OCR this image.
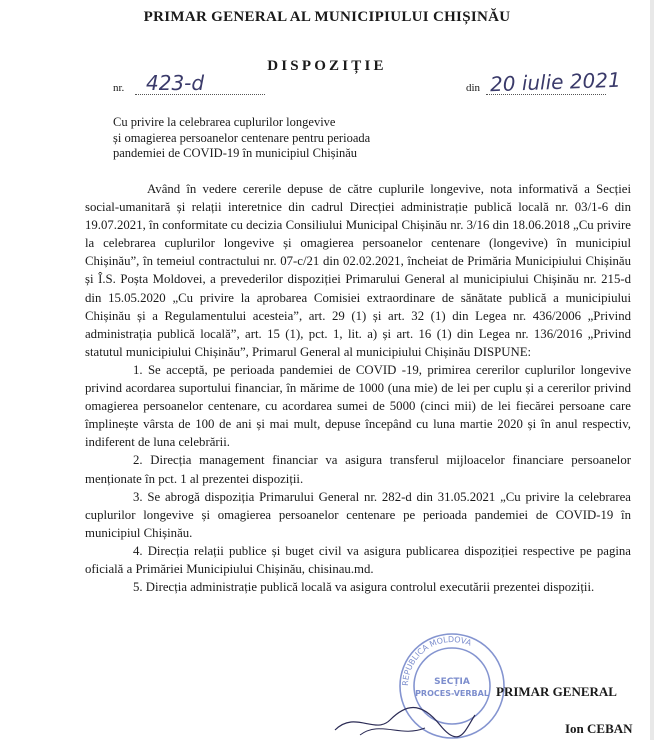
PRIMAR GENERAL AL MUNICIPIULUI CHIȘINĂU
DISPOZIȚIE
nr. 423-d	din 20 iulie 2021
Cu privire la celebrarea cuplurilor longevive
și omagierea persoanelor centenare pentru perioada
pandemiei de COVID-19 în municipiul Chișinău

Având în vedere cererile depuse de către cuplurile longevive, nota informativă a Secției social-umanitară și relații interetnice din cadrul Direcției administrație publică locală nr. 03/1-6 din 19.07.2021, în conformitate cu decizia Consiliului Municipal Chișinău nr. 3/16 din 18.06.2018 „Cu privire la celebrarea cuplurilor longevive și omagierea persoanelor centenare (longevive) în municipiul Chișinău”, în temeiul contractului nr. 07-c/21 din 02.02.2021, încheiat de Primăria Municipiului Chișinău și Î.S. Poșta Moldovei, a prevederilor dispoziției Primarului General al municipiului Chișinău nr. 215-d din 15.05.2020 „Cu privire la aprobarea Comisiei extraordinare de sănătate publică a municipiului Chișinău și a Regulamentului acesteia”, art. 29 (1) și art. 32 (1) din Legea nr. 436/2006 „Privind administrația publică locală”, art. 15 (1), pct. 1, lit. a) și art. 16 (1) din Legea nr. 136/2016 „Privind statutul municipiului Chișinău”, Primarul General al municipiului Chișinău DISPUNE:

1. Se acceptă, pe perioada pandemiei de COVID -19, primirea cererilor cuplurilor longevive privind acordarea suportului financiar, în mărime de 1000 (una mie) de lei per cuplu și a cererilor privind omagierea persoanelor centenare, cu acordarea sumei de 5000 (cinci mii) de lei fiecărei persoane care împlinește vârsta de 100 de ani și mai mult, depuse începând cu luna martie 2020 și în anul respectiv, indiferent de luna celebrării.

2. Direcția management financiar va asigura transferul mijloacelor financiare persoanelor menționate în pct. 1 al prezentei dispoziții.

3. Se abrogă dispoziția Primarului General nr. 282-d din 31.05.2021 „Cu privire la celebrarea cuplurilor longevive și omagierea persoanelor centenare pe perioada pandemiei de COVID-19 în municipiul Chișinău.

4. Direcția relații publice și buget civil va asigura publicarea dispoziției respective pe pagina oficială a Primăriei Municipiului Chișinău, chisinau.md.

5. Direcția administrație publică locală va asigura controlul executării prezentei dispoziții.

REPUBLICA MOLDOVA
SECȚIA
PROCES-VERBAL PRIMAR GENERAL
Ion CEBAN
